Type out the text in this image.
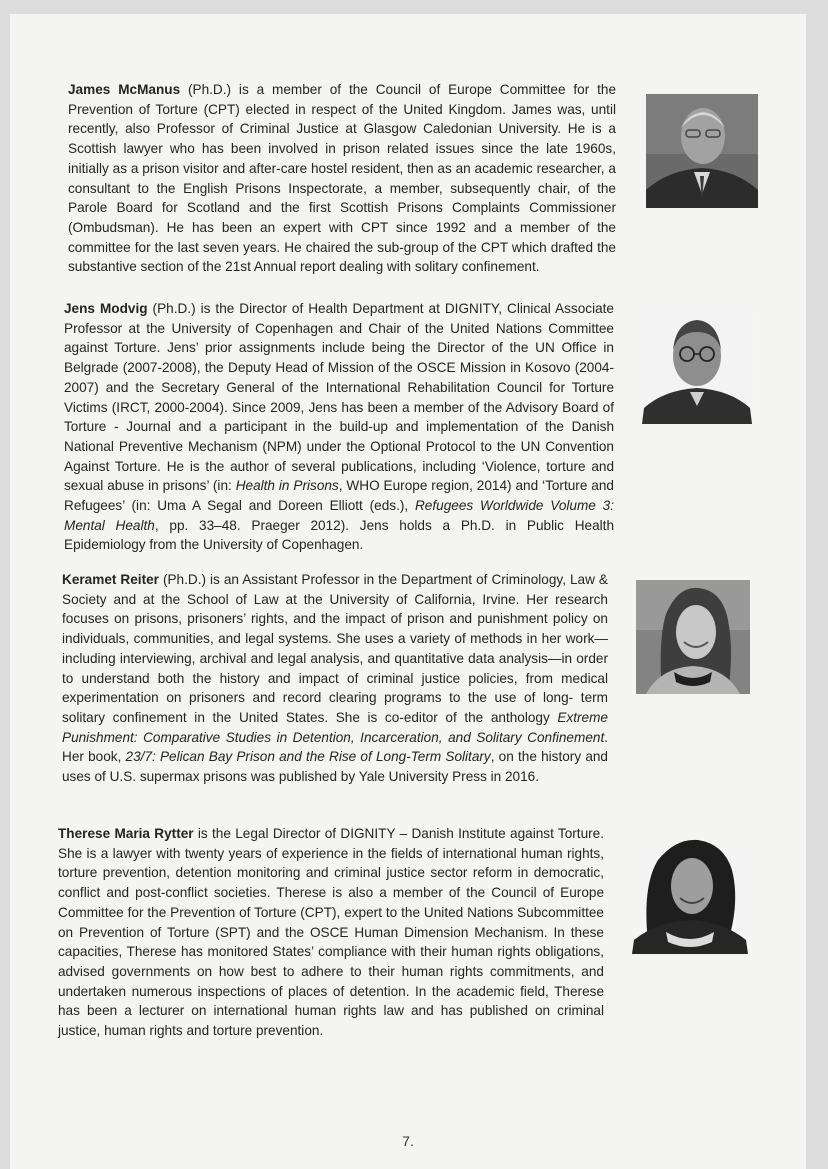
James McManus (Ph.D.) is a member of the Council of Europe Committee for the Prevention of Torture (CPT) elected in respect of the United Kingdom. James was, until recently, also Professor of Criminal Justice at Glasgow Caledonian University. He is a Scottish lawyer who has been involved in prison related issues since the late 1960s, initially as a prison visitor and after-care hostel resident, then as an academic researcher, a consultant to the English Prisons Inspectorate, a member, subsequently chair, of the Parole Board for Scotland and the first Scottish Prisons Complaints Commissioner (Ombudsman). He has been an expert with CPT since 1992 and a member of the committee for the last seven years. He chaired the sub-group of the CPT which drafted the substantive section of the 21st Annual report dealing with solitary confinement.

Jens Modvig (Ph.D.) is the Director of Health Department at DIGNITY, Clinical Associate Professor at the University of Copenhagen and Chair of the United Nations Committee against Torture. Jens’ prior assignments include being the Director of the UN Office in Belgrade (2007-2008), the Deputy Head of Mission of the OSCE Mission in Kosovo (2004-2007) and the Secretary General of the International Rehabilitation Council for Torture Victims (IRCT, 2000-2004). Since 2009, Jens has been a member of the Advisory Board of Torture - Journal and a participant in the build-up and implementation of the Danish National Preventive Mechanism (NPM) under the Optional Protocol to the UN Convention Against Torture. He is the author of several publications, including ‘Violence, torture and sexual abuse in prisons’ (in: Health in Prisons, WHO Europe region, 2014) and ‘Torture and Refugees’ (in: Uma A Segal and Doreen Elliott (eds.), Refugees Worldwide Volume 3: Mental Health, pp. 33–48. Praeger 2012). Jens holds a Ph.D. in Public Health Epidemiology from the University of Copenhagen.

Keramet Reiter (Ph.D.) is an Assistant Professor in the Department of Criminology, Law & Society and at the School of Law at the University of California, Irvine. Her research focuses on prisons, prisoners’ rights, and the impact of prison and punishment policy on individuals, communities, and legal systems. She uses a variety of methods in her work—including interviewing, archival and legal analysis, and quantitative data analysis—in order to understand both the history and impact of criminal justice policies, from medical experimentation on prisoners and record clearing programs to the use of long- term solitary confinement in the United States. She is co-editor of the anthology Extreme Punishment: Comparative Studies in Detention, Incarceration, and Solitary Confinement. Her book, 23/7: Pelican Bay Prison and the Rise of Long-Term Solitary, on the history and uses of U.S. supermax prisons was published by Yale University Press in 2016.

Therese Maria Rytter is the Legal Director of DIGNITY – Danish Institute against Torture. She is a lawyer with twenty years of experience in the fields of international human rights, torture prevention, detention monitoring and criminal justice sector reform in democratic, conflict and post-conflict societies. Therese is also a member of the Council of Europe Committee for the Prevention of Torture (CPT), expert to the United Nations Subcommittee on Prevention of Torture (SPT) and the OSCE Human Dimension Mechanism. In these capacities, Therese has monitored States’ compliance with their human rights obligations, advised governments on how best to adhere to their human rights commitments, and undertaken numerous inspections of places of detention. In the academic field, Therese has been a lecturer on international human rights law and has published on criminal justice, human rights and torture prevention.

7.
